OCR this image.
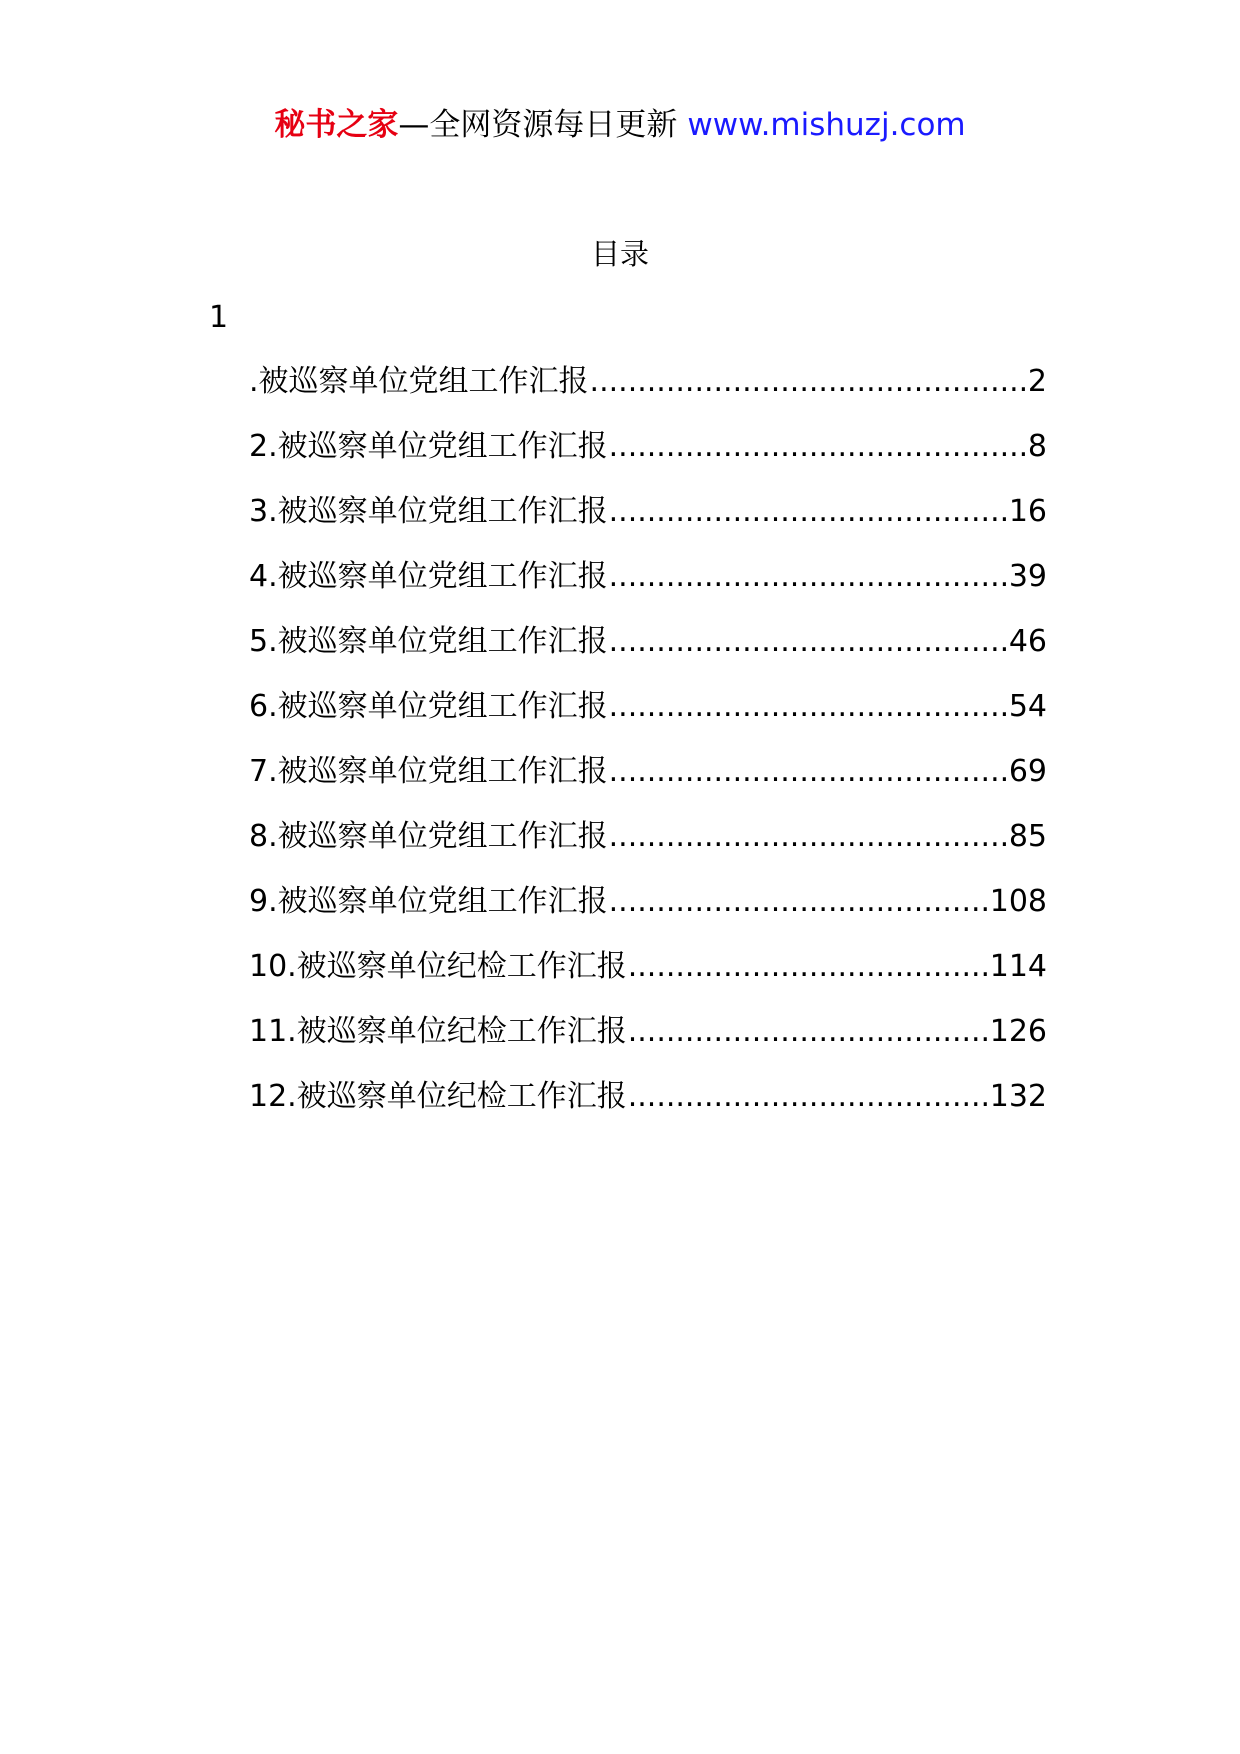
秘书之家—全网资源每日更新 www.mishuzj.com
目录
1
.被巡察单位党组工作汇报 .....	2
2.被巡察单位党组工作汇报 .....	8
3.被巡察单位党组工作汇报 .....	16
4.被巡察单位党组工作汇报 .....	39
5.被巡察单位党组工作汇报 .....	46
6.被巡察单位党组工作汇报 .....	54
7.被巡察单位党组工作汇报 .....	69
8.被巡察单位党组工作汇报 .....	85
9.被巡察单位党组工作汇报 .....	108
10.被巡察单位纪检工作汇报 .....	114
11.被巡察单位纪检工作汇报 .....	126
12.被巡察单位纪检工作汇报 .....	132
